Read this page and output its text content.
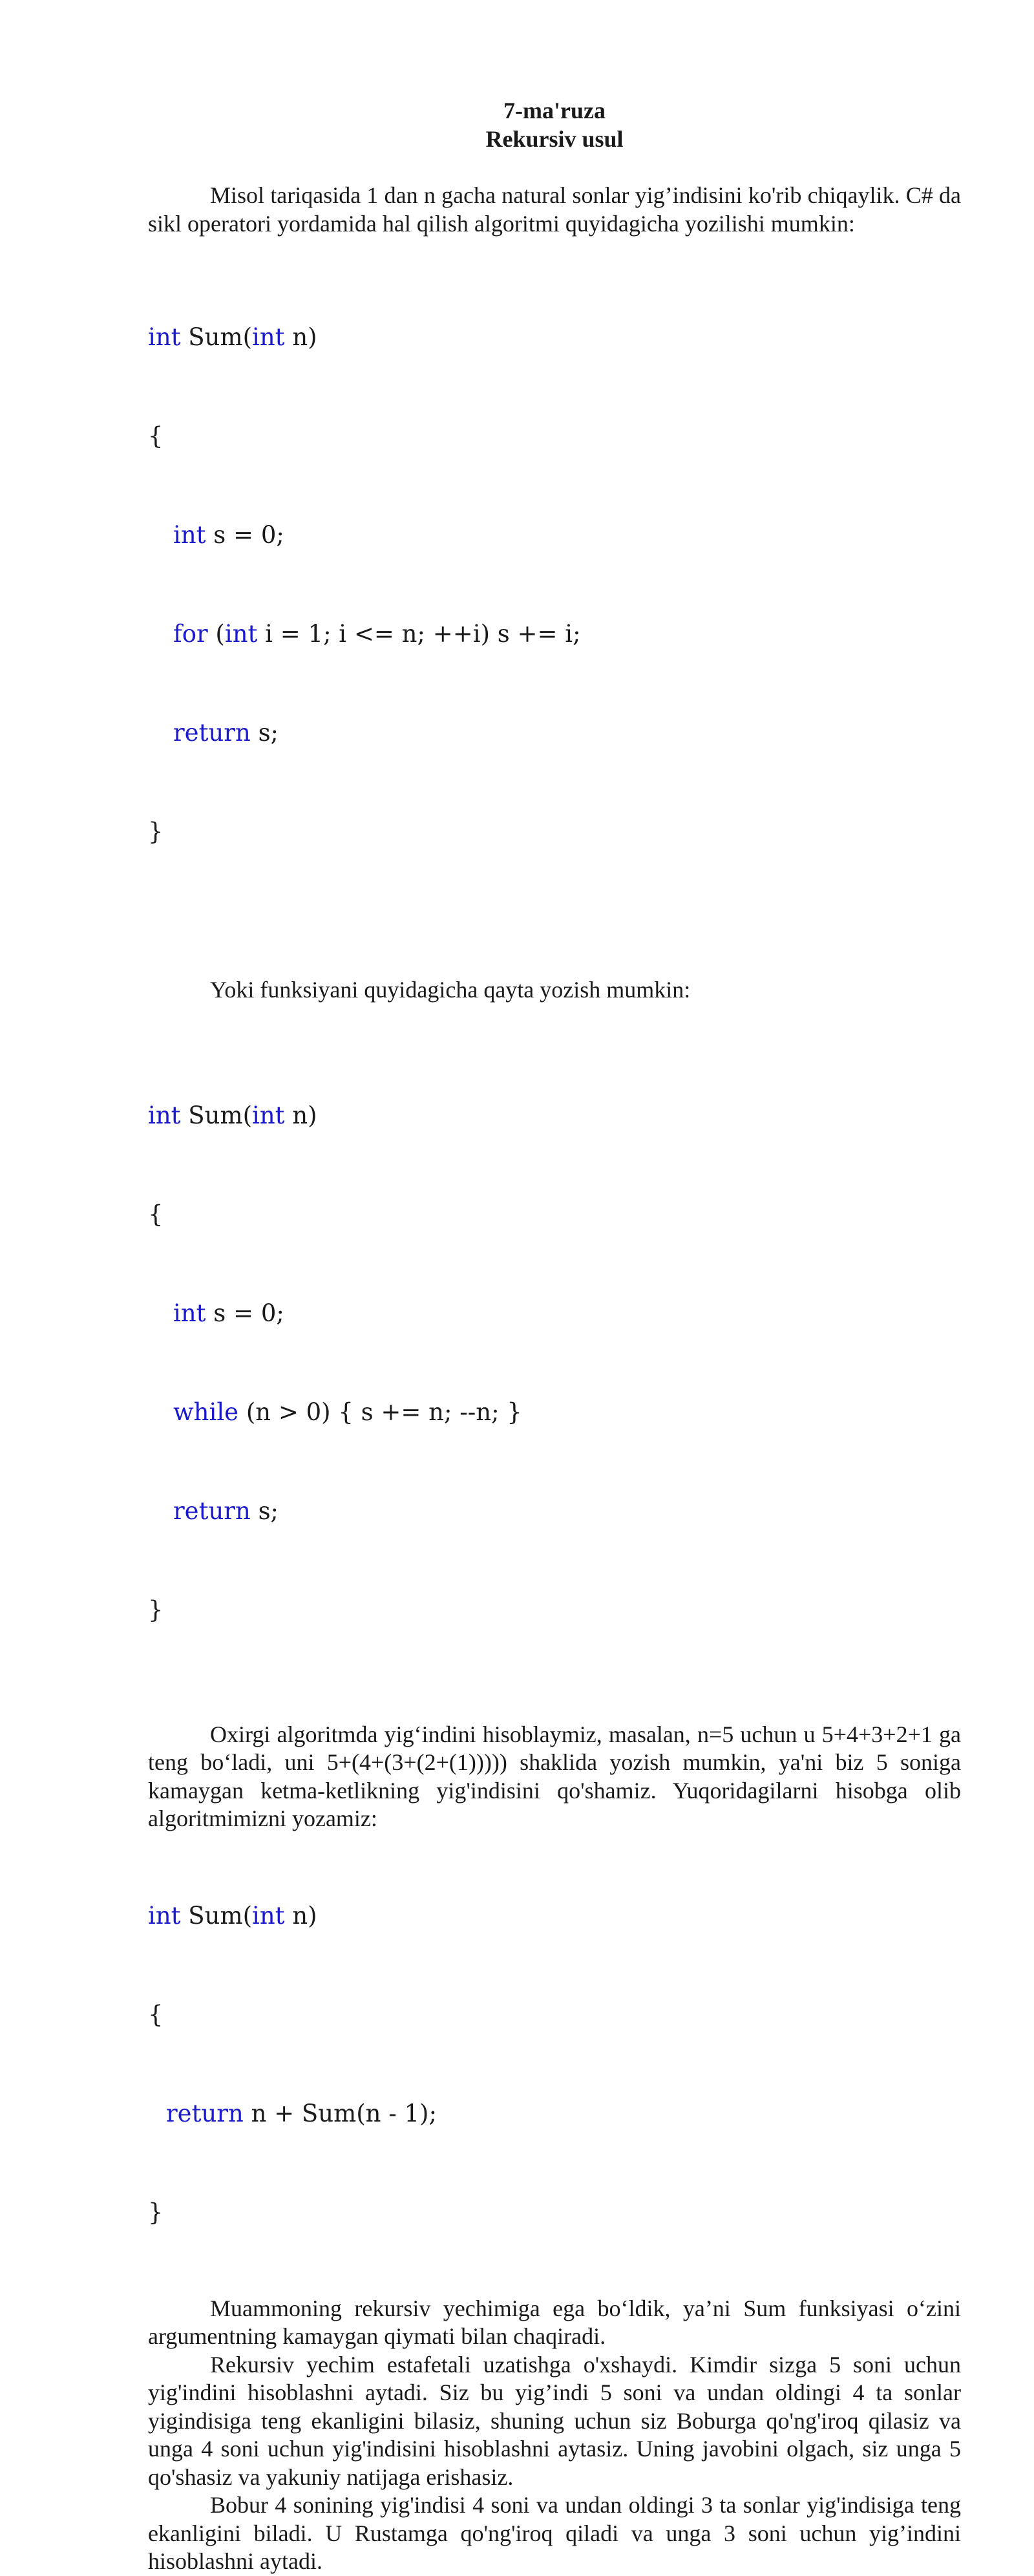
7-ma'ruza

Rekursiv usul

Misol tariqasida 1 dan n gacha natural sonlar yig’indisini ko'rib chiqaylik. C# da sikl operatori yordamida hal qilish algoritmi quyidagicha yozilishi mumkin:

int Sum(int n)

{

int s = 0;

for (int i = 1; i <= n; ++i) s += i;

return s;

}

Yoki funksiyani quyidagicha qayta yozish mumkin:

int Sum(int n)

{

int s = 0;

while (n > 0) { s += n; --n; }

return s;

}

Oxirgi algoritmda yig‘indini hisoblaymiz, masalan, n=5 uchun u 5+4+3+2+1 ga teng bo‘ladi, uni 5+(4+(3+(2+(1))))) shaklida yozish mumkin, ya'ni biz 5 soniga kamaygan ketma-ketlikning yig'indisini qo'shamiz. Yuqoridagilarni hisobga olib algoritmimizni yozamiz:

int Sum(int n)

{

return n + Sum(n - 1);

}

Muammoning rekursiv yechimiga ega bo‘ldik, ya’ni Sum funksiyasi o‘zini argumentning kamaygan qiymati bilan chaqiradi.

Rekursiv yechim estafetali uzatishga o'xshaydi. Kimdir sizga 5 soni uchun yig'indini hisoblashni aytadi. Siz bu yig’indi 5 soni va undan oldingi 4 ta sonlar yigindisiga teng ekanligini bilasiz, shuning uchun siz Boburga qo'ng'iroq qilasiz va unga 4 soni uchun yig'indisini hisoblashni aytasiz. Uning javobini olgach, siz unga 5 qo'shasiz va yakuniy natijaga erishasiz.

Bobur 4 sonining yig'indisi 4 soni va undan oldingi 3 ta sonlar yig'indisiga teng ekanligini biladi. U Rustamga qo'ng'iroq qiladi va unga 3 soni uchun yig’indini hisoblashni aytadi.
